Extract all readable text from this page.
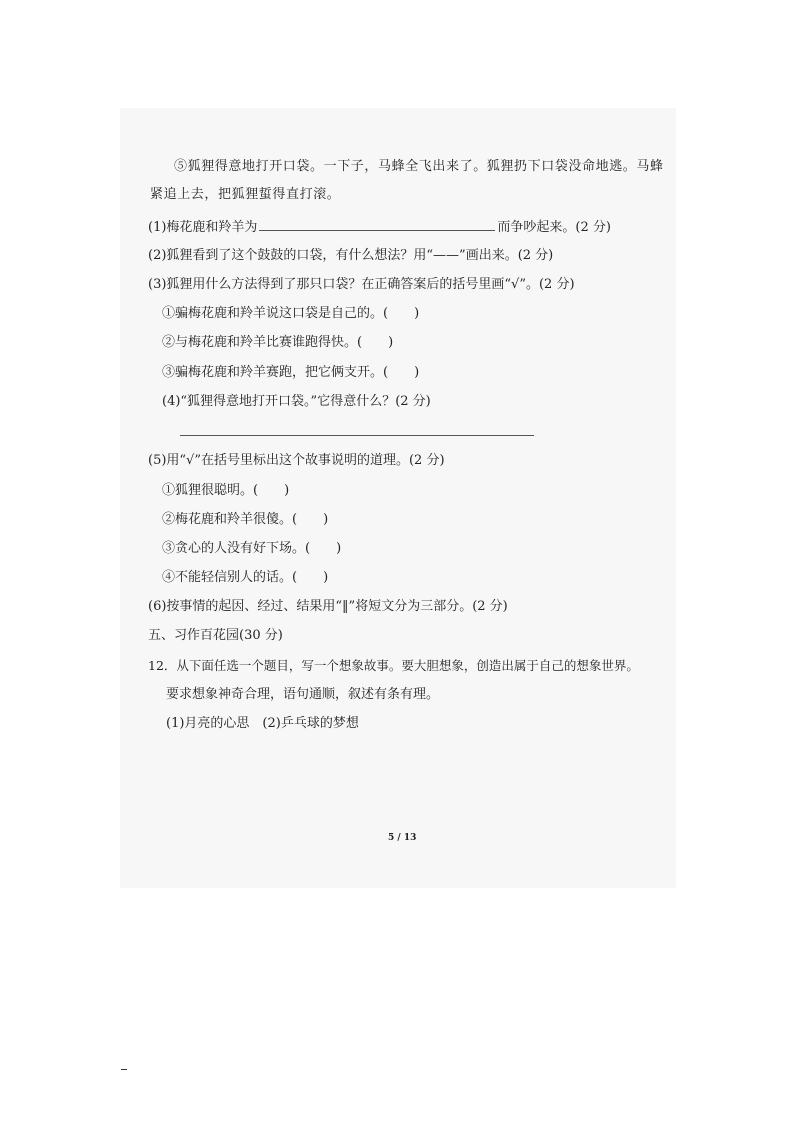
⑤狐狸得意地打开口袋。一下子，马蜂全飞出来了。狐狸扔下口袋没命地逃。马蜂
紧追上去，把狐狸蜇得直打滚。
(1)梅花鹿和羚羊为	而争吵起来。(2 分)
(2)狐狸看到了这个鼓鼓的口袋，有什么想法？用“——”画出来。(2 分)
(3)狐狸用什么方法得到了那只口袋？在正确答案后的括号里画“√”。(2 分)
①骗梅花鹿和羚羊说这口袋是自己的。(　　)
②与梅花鹿和羚羊比赛谁跑得快。(　　)
③骗梅花鹿和羚羊赛跑，把它俩支开。(　　)
(4)“狐狸得意地打开口袋。”它得意什么？(2 分)
(5)用“√”在括号里标出这个故事说明的道理。(2 分)
①狐狸很聪明。(　　)
②梅花鹿和羚羊很傻。(　　)
③贪心的人没有好下场。(　　)
④不能轻信别人的话。(　　)
(6)按事情的起因、经过、结果用“‖”将短文分为三部分。(2 分)
五、习作百花园(30 分)
12．从下面任选一个题目，写一个想象故事。要大胆想象，创造出属于自己的想象世界。
要求想象神奇合理，语句通顺，叙述有条有理。
(1)月亮的心思　(2)乒乓球的梦想
5 / 13
